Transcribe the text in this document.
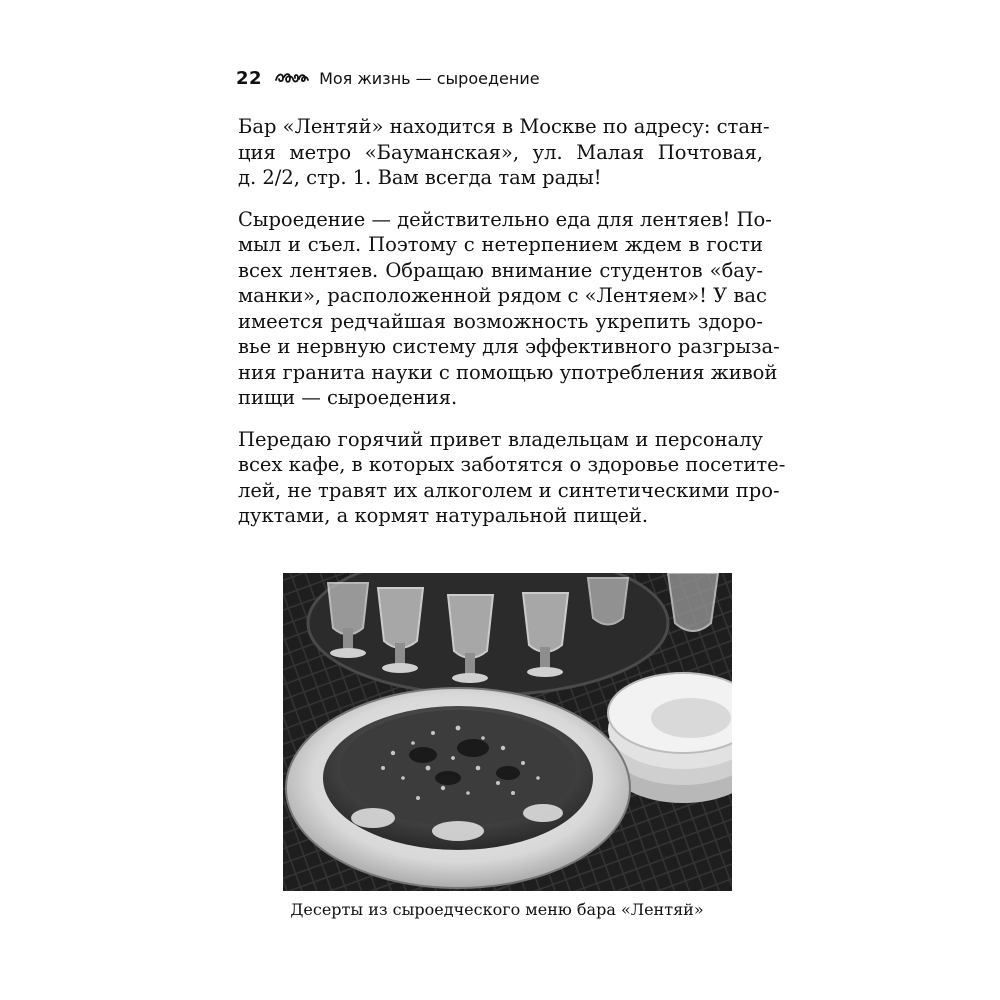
22	Моя жизнь — сыроедение

Бар «Лентяй» находится в Москве по адресу: стан-
ция метро «Бауманская», ул. Малая Почтовая,
д. 2/2, стр. 1. Вам всегда там рады!

Сыроедение — действительно еда для лентяев! По-
мыл и съел. Поэтому с нетерпением ждем в гости
всех лентяев. Обращаю внимание студентов «бау-
манки», расположенной рядом с «Лентяем»! У вас
имеется редчайшая возможность укрепить здоро-
вье и нервную систему для эффективного разгрыза-
ния гранита науки с помощью употребления живой
пищи — сыроедения.

Передаю горячий привет владельцам и персоналу
всех кафе, в которых заботятся о здоровье посетите-
лей, не травят их алкоголем и синтетическими про-
дуктами, а кормят натуральной пищей.

Десерты из сыроедческого меню бара «Лентяй»
